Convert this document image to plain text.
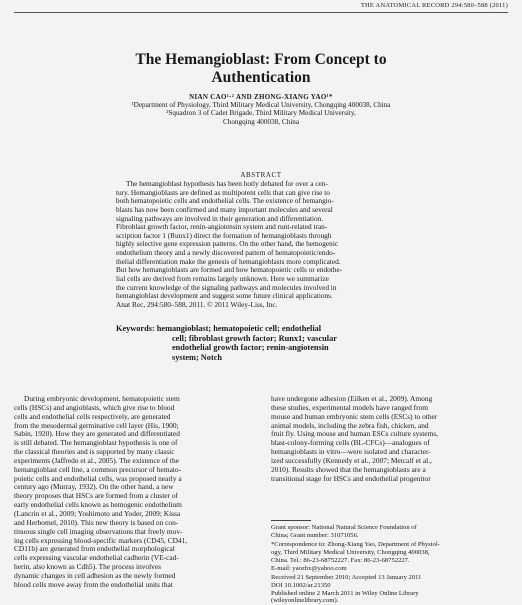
THE ANATOMICAL RECORD 294:580–588 (2011)
The Hemangioblast: From Concept to
Authentication
NIAN CAO¹·² AND ZHONG-XIANG YAO¹*
¹Department of Physiology, Third Military Medical University, Chongqing 400038, China
²Squadron 3 of Cadet Brigade, Third Military Medical University,
Chongqing 400038, China
ABSTRACT
The hemangioblast hypothesis has been hotly debated for over a cen-
tury. Hemangioblasts are defined as multipotent cells that can give rise to
both hematopoietic cells and endothelial cells. The existence of hemangio-
blasts has now been confirmed and many important molecules and several
signaling pathways are involved in their generation and differentiation.
Fibroblast growth factor, renin-angiotensin system and runt-related tran-
scription factor 1 (Runx1) direct the formation of hemangioblasts through
highly selective gene expression patterns. On the other hand, the hemogenic
endothelium theory and a newly discovered pattern of hematopoietic/endo-
thelial differentiation make the genesis of hemangioblasts more complicated.
But how hemangioblasts are formed and how hematopoietic cells or endothe-
lial cells are derived from remains largely unknown. Here we summarize
the current knowledge of the signaling pathways and molecules involved in
hemangioblast development and suggest some future clinical applications.
Anat Rec, 294:580–588, 2011. © 2011 Wiley-Liss, Inc.
Keywords: hemangioblast; hematopoietic cell; endothelial
cell; fibroblast growth factor; Runx1; vascular
endothelial growth factor; renin-angiotensin
system; Notch
During embryonic development, hematopoietic stem
cells (HSCs) and angioblasts, which give rise to blood
cells and endothelial cells respectively, are generated
from the mesodermal germinative cell layer (His, 1900;
Sabin, 1920). How they are generated and differentiated
is still debated. The hemangioblast hypothesis is one of
the classical theories and is supported by many classic
experiments (Jaffredo et al., 2005). The existence of the
hemangioblast cell line, a common precursor of hemato-
poietic cells and endothelial cells, was proposed nearly a
century ago (Murray, 1932). On the other hand, a new
theory proposes that HSCs are formed from a cluster of
early endothelial cells known as hemogenic endothelium
(Lancrin et al., 2009; Yoshimoto and Yoder, 2009; Kissa
and Herbomel, 2010). This new theory is based on con-
tinuous single cell imaging observations that freely mov-
ing cells expressing blood-specific markers (CD45, CD41,
CD11b) are generated from endothelial morphological
cells expressing vascular endothelial cadherin (VE-cad-
herin, also known as Cdh5). The process involves
dynamic changes in cell adhesion as the newly formed
blood cells move away from the endothelial units that
have undergone adhesion (Eilken et al., 2009). Among
these studies, experimental models have ranged from
mouse and human embryonic stem cells (ESCs) to other
animal models, including the zebra fish, chicken, and
fruit fly. Using mouse and human ESCs culture systems,
blast-colony-forming cells (BL-CFCs)—analogues of
hemangioblasts in vitro—were isolated and character-
ized successfully (Kennedy et al., 2007; Metcalf et al.,
2010). Results showed that the hemangioblasts are a
transitional stage for HSCs and endothelial progenitor
Grant sponsor: National Natural Science Foundation of
China; Grant number: 31071056.
*Correspondence to: Zhong-Xiang Yao, Department of Physiol-
ogy, Third Military Medical University, Chongqing 400038,
China. Tel.: 86-23-68752227. Fax: 86-23-68752227.
E-mail: yaozhx@yahoo.com
Received 21 September 2010; Accepted 13 January 2011
DOI 10.1002/ar.21350
Published online 2 March 2011 in Wiley Online Library
(wileyonlinelibrary.com).
